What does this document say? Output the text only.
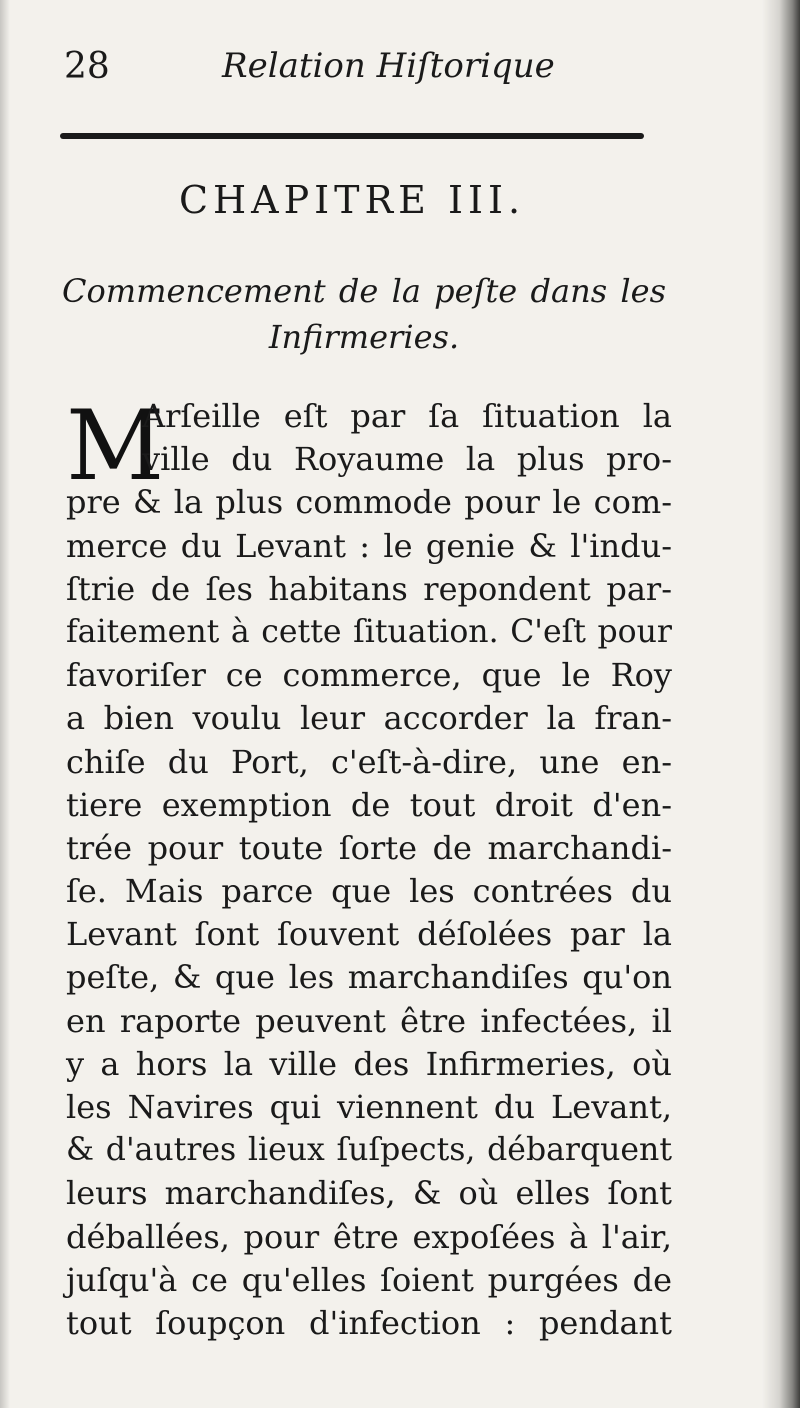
28	Relation Hiſtorique
CHAPITRE III.
Commencement de la peſte dans les
Infirmeries.
M
Arſeille eſt par ſa ſituation la
ville du Royaume la plus pro-
pre & la plus commode pour le com-
merce du Levant : le genie & l'indu-
ſtrie de ſes habitans repondent par-
faitement à cette ſituation. C'eſt pour
favoriſer ce commerce, que le Roy
a bien voulu leur accorder la fran-
chiſe du Port, c'eſt-à-dire, une en-
tiere exemption de tout droit d'en-
trée pour toute ſorte de marchandi-
ſe. Mais parce que les contrées du
Levant ſont ſouvent déſolées par la
peſte, & que les marchandiſes qu'on
en raporte peuvent être infectées, il
y a hors la ville des Infirmeries, où
les Navires qui viennent du Levant,
& d'autres lieux ſuſpects, débarquent
leurs marchandiſes, & où elles ſont
déballées, pour être expoſées à l'air,
juſqu'à ce qu'elles ſoient purgées de
tout ſoupçon d'infection : pendant
